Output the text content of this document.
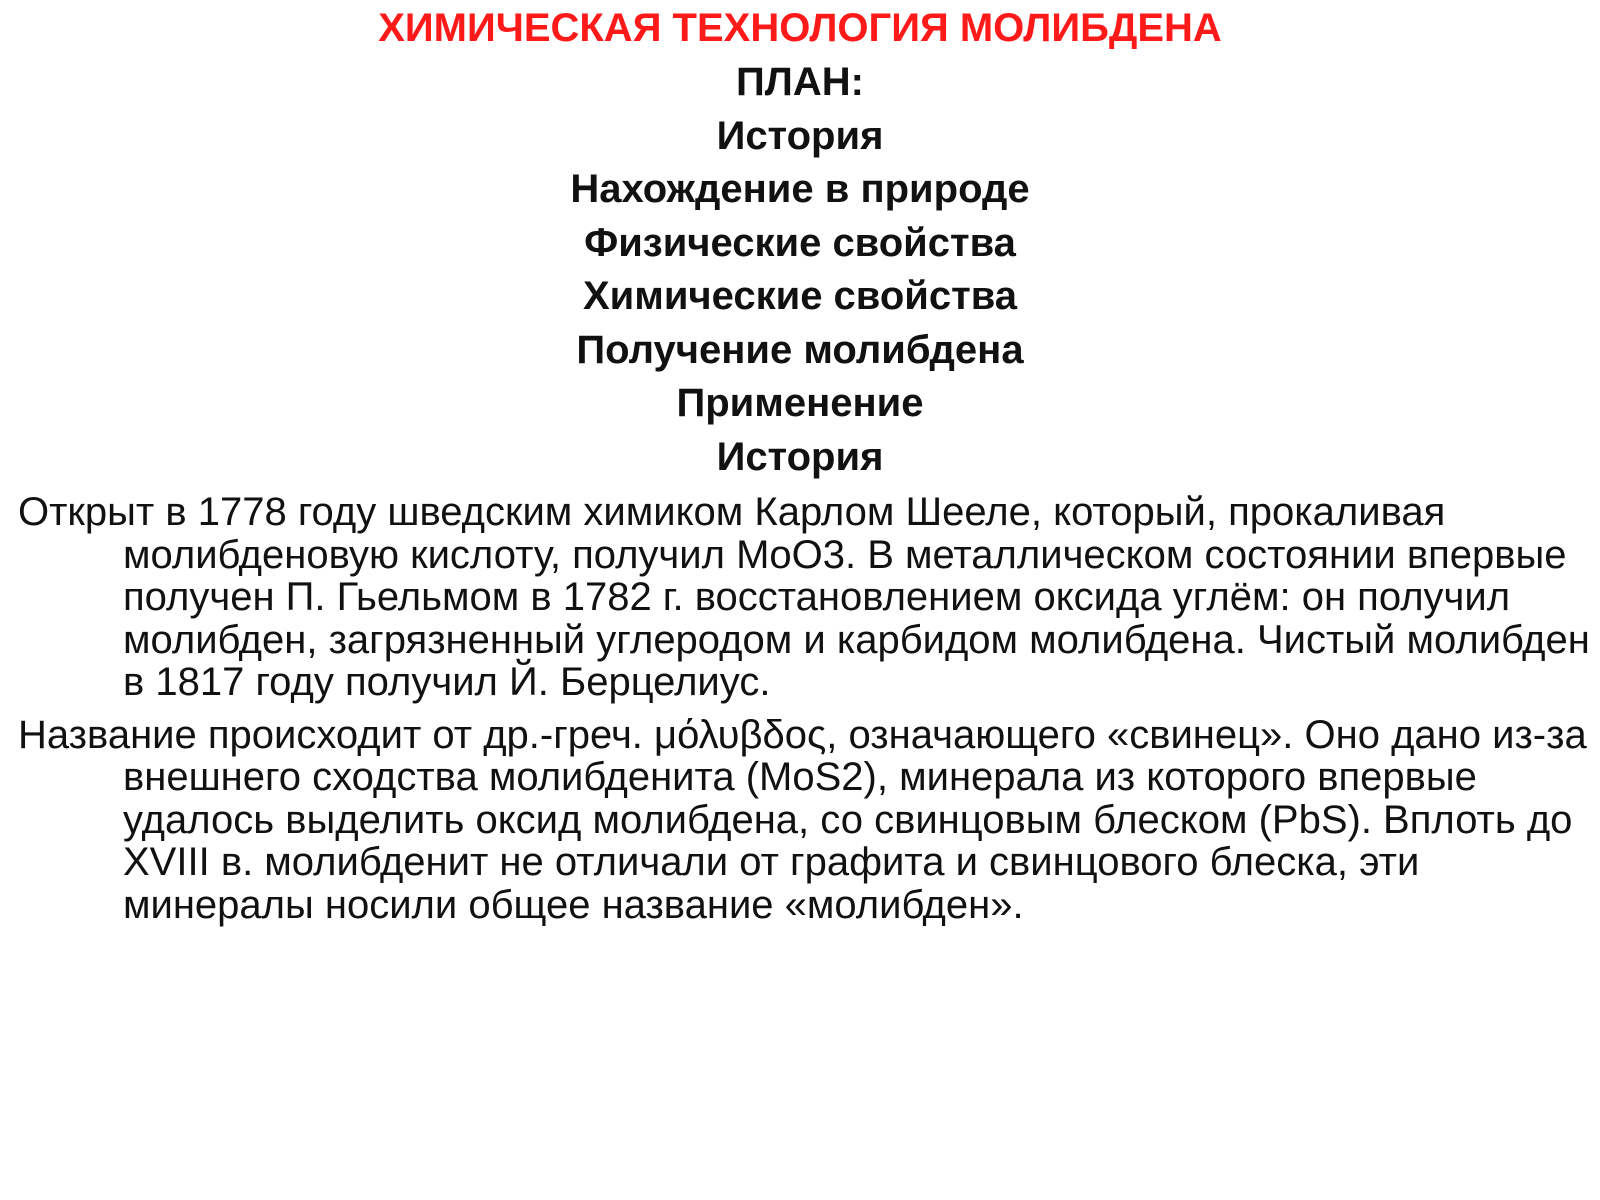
ХИМИЧЕСКАЯ ТЕХНОЛОГИЯ МОЛИБДЕНА
ПЛАН:
История
Нахождение в природе
Физические свойства
Химические свойства
Получение молибдена
Применение
История

Открыт в 1778 году шведским химиком Карлом Шееле, который, прокаливая молибденовую кислоту, получил MoO3. В металлическом состоянии впервые получен П. Гьельмом в 1782 г. восстановлением оксида углём: он получил молибден, загрязненный углеродом и карбидом молибдена. Чистый молибден в 1817 году получил Й. Берцелиус.

Название происходит от др.-греч. μόλυβδος, означающего «свинец». Оно дано из-за внешнего сходства молибденита (MoS2), минерала из которого впервые удалось выделить оксид молибдена, со свинцовым блеском (PbS). Вплоть до XVIII в. молибденит не отличали от графита и свинцового блеска, эти минералы носили общее название «молибден».
